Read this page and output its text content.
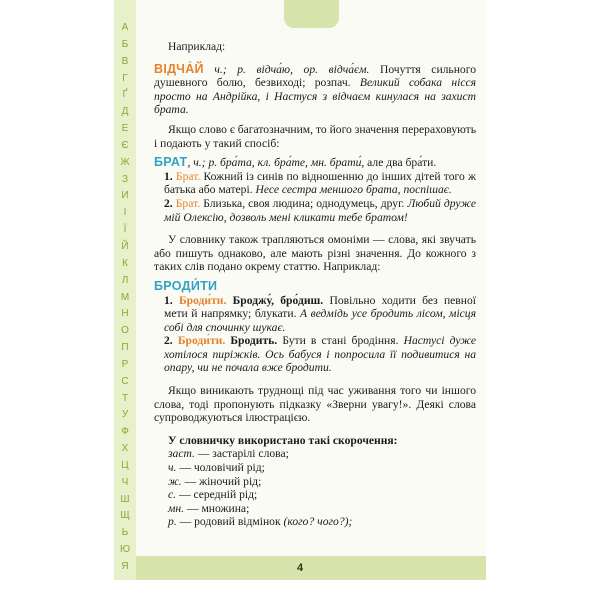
А
Б
В
Г
Ґ
Д
Е
Є
Ж
З
И
І
Ї
Й
К
Л
М
Н
О
П
Р
С
Т
У
Ф
Х
Ц
Ч
Ш
Щ
Ь
Ю
Я	4

Наприклад:

ВІДЧА́Й ч.; р. відча́ю, ор. відча́єм. Почуття сильного душевного болю, безвиході; розпач. Великий собака нісся просто на Андрійка, і Настуся з відчаєм кинулася на захист брата.

Якщо слово є багатозначним, то його значення перераховують і подають у такий спосіб:

БРАТ, ч.; р. бра́та, кл. бра́те, мн. брати́, але два бра́ти.

1. Брат. Кожний із синів по відношенню до інших дітей того ж батька або матері. Несе сестра меншого брата, поспішає.

2. Брат. Близька, своя людина; однодумець, друг. Любий друже мій Олексію, дозволь мені кликати тебе братом!

У словнику також трапляються омоніми — слова, які звучать або пишуть однаково, але мають різні значення. До кожного з таких слів подано окрему статтю. Наприклад:

БРОДИ́ТИ

1. Броди́ти. Броджу́, бро́диш. Повільно ходити без певної мети й напрямку; блукати. А ведмідь усе бродить лісом, місця собі для спочинку шукає.

2. Броди́ти. Бродить. Бути в стані бродіння. Настусі дуже хотілося пиріжків. Ось бабуся і попросила її подивитися на опару, чи не почала вже бродити.

Якщо виникають труднощі під час уживання того чи іншого слова, тоді пропонують підказку «Зверни увагу!». Деякі слова супроводжуються ілюстрацією.

У словничку використано такі скорочення:

заст. — застарілі слова;

ч. — чоловічий рід;

ж. — жіночий рід;

с. — середній рід;

мн. — множина;

р. — родовий відмінок (кого? чого?);
